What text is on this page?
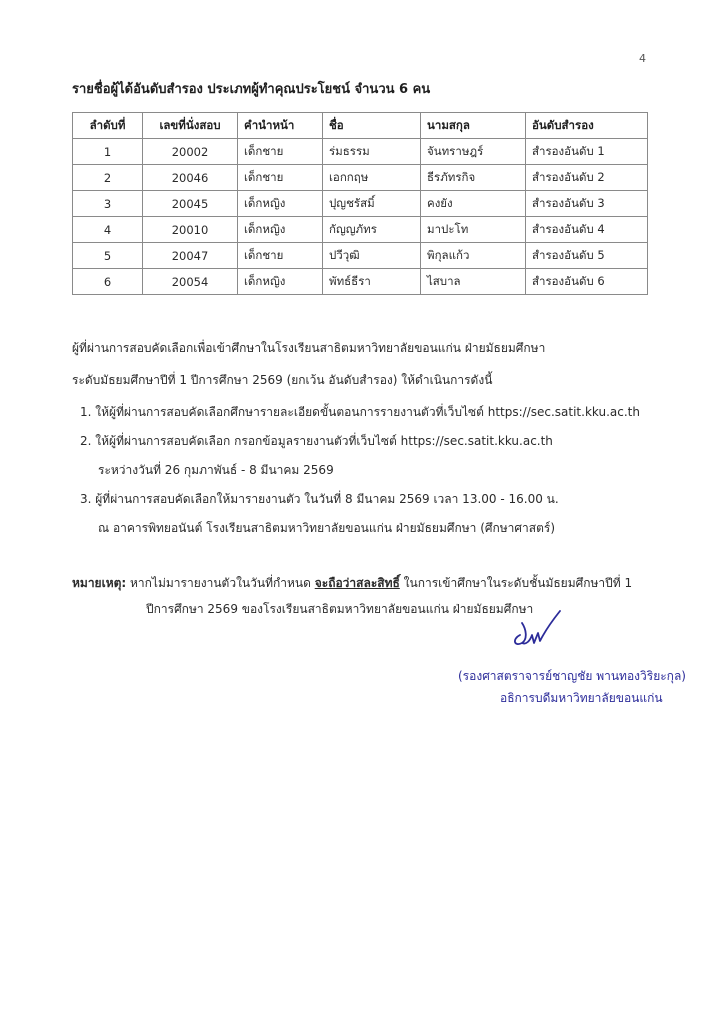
4
รายชื่อผู้ได้อันดับสำรอง ประเภทผู้ทำคุณประโยชน์ จำนวน 6 คน
ลำดับที่	เลขที่นั่งสอบ	คำนำหน้า	ชื่อ	นามสกุล	อันดับสำรอง
1	20002	เด็กชาย	ร่มธรรม	จันทราษฎร์	สำรองอันดับ 1
2	20046	เด็กชาย	เอกกฤษ	ธีรภัทรกิจ	สำรองอันดับ 2
3	20045	เด็กหญิง	ปุญชรัสมิ์	คงยัง	สำรองอันดับ 3
4	20010	เด็กหญิง	กัญญภัทร	มาปะโท	สำรองอันดับ 4
5	20047	เด็กชาย	ปวีวุฒิ	พิกุลแก้ว	สำรองอันดับ 5
6	20054	เด็กหญิง	พัทธ์ธีรา	ไสบาล	สำรองอันดับ 6
ผู้ที่ผ่านการสอบคัดเลือกเพื่อเข้าศึกษาในโรงเรียนสาธิตมหาวิทยาลัยขอนแก่น ฝ่ายมัธยมศึกษา
ระดับมัธยมศึกษาปีที่ 1 ปีการศึกษา 2569 (ยกเว้น อันดับสำรอง) ให้ดำเนินการดังนี้
1. ให้ผู้ที่ผ่านการสอบคัดเลือกศึกษารายละเอียดขั้นตอนการรายงานตัวที่เว็บไซต์ https://sec.satit.kku.ac.th
2. ให้ผู้ที่ผ่านการสอบคัดเลือก กรอกข้อมูลรายงานตัวที่เว็บไซต์ https://sec.satit.kku.ac.th
ระหว่างวันที่ 26 กุมภาพันธ์ - 8 มีนาคม 2569
3. ผู้ที่ผ่านการสอบคัดเลือกให้มารายงานตัว ในวันที่ 8 มีนาคม 2569 เวลา 13.00 - 16.00 น.
ณ อาคารพิทยอนันต์ โรงเรียนสาธิตมหาวิทยาลัยขอนแก่น ฝ่ายมัธยมศึกษา (ศึกษาศาสตร์)
หมายเหตุ: หากไม่มารายงานตัวในวันที่กำหนด จะถือว่าสละสิทธิ์ ในการเข้าศึกษาในระดับชั้นมัธยมศึกษาปีที่ 1
ปีการศึกษา 2569 ของโรงเรียนสาธิตมหาวิทยาลัยขอนแก่น ฝ่ายมัธยมศึกษา
(รองศาสตราจารย์ชาญชัย พานทองวิริยะกุล)
อธิการบดีมหาวิทยาลัยขอนแก่น
